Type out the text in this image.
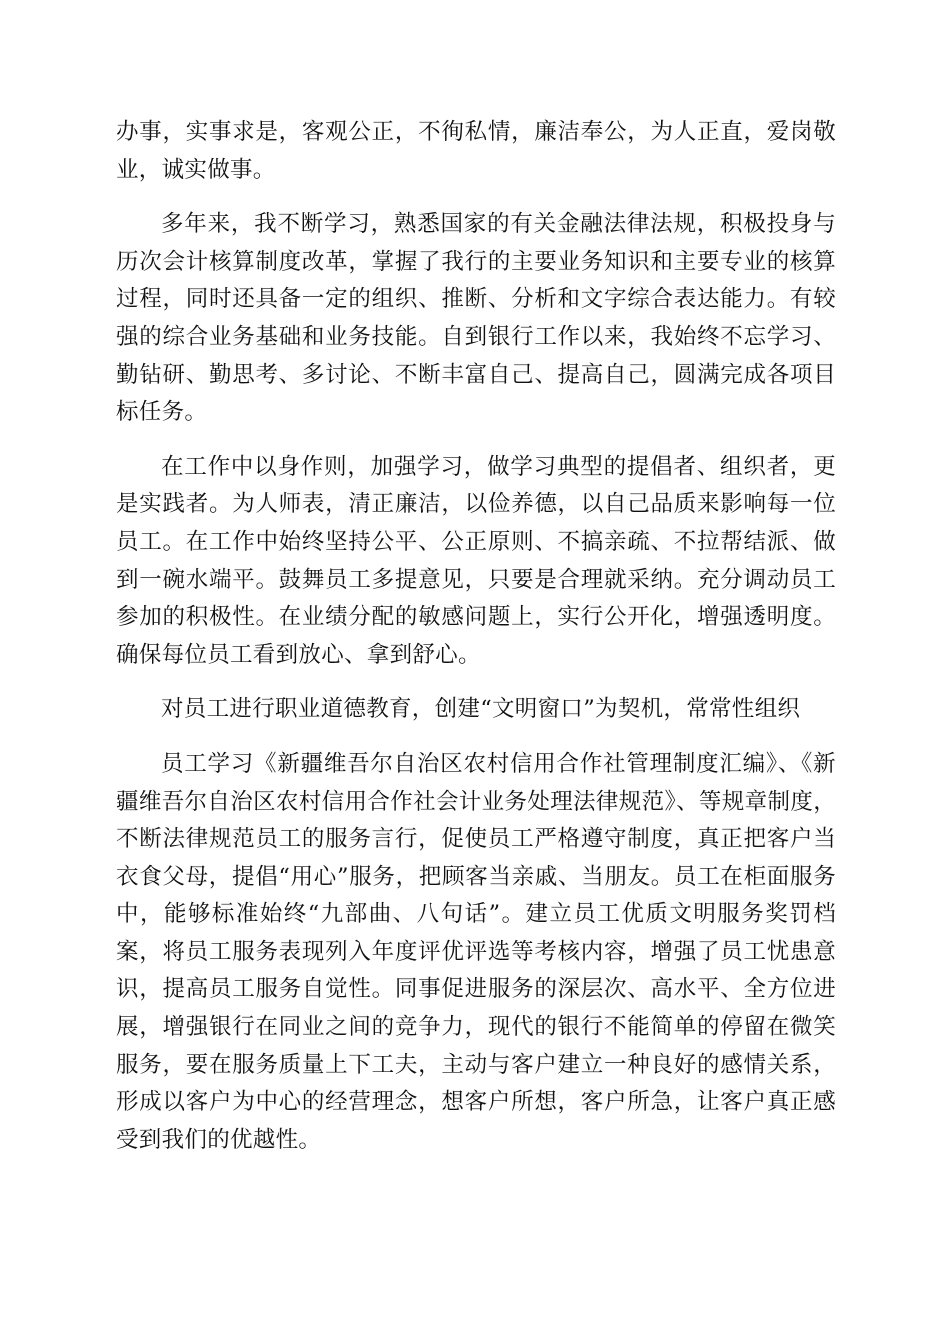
办事，实事求是，客观公正，不徇私情，廉洁奉公，为人正直，爱岗敬业，诚实做事。

多年来，我不断学习，熟悉国家的有关金融法律法规，积极投身与历次会计核算制度改革，掌握了我行的主要业务知识和主要专业的核算过程，同时还具备一定的组织、推断、分析和文字综合表达能力。有较强的综合业务基础和业务技能。自到银行工作以来，我始终不忘学习、勤钻研、勤思考、多讨论、不断丰富自己、提高自己，圆满完成各项目标任务。

在工作中以身作则，加强学习，做学习典型的提倡者、组织者，更是实践者。为人师表，清正廉洁，以俭养德，以自己品质来影响每一位员工。在工作中始终坚持公平、公正原则、不搞亲疏、不拉帮结派、做到一碗水端平。鼓舞员工多提意见，只要是合理就采纳。充分调动员工参加的积极性。在业绩分配的敏感问题上，实行公开化，增强透明度。确保每位员工看到放心、拿到舒心。

对员工进行职业道德教育，创建“文明窗口”为契机，常常性组织

员工学习《新疆维吾尔自治区农村信用合作社管理制度汇编》、《新疆维吾尔自治区农村信用合作社会计业务处理法律规范》、等规章制度，不断法律规范员工的服务言行，促使员工严格遵守制度，真正把客户当衣食父母，提倡“用心”服务，把顾客当亲戚、当朋友。员工在柜面服务中，能够标准始终“九部曲、八句话”。建立员工优质文明服务奖罚档案，将员工服务表现列入年度评优评选等考核内容，增强了员工忧患意识，提高员工服务自觉性。同事促进服务的深层次、高水平、全方位进展，增强银行在同业之间的竞争力，现代的银行不能简单的停留在微笑服务，要在服务质量上下工夫，主动与客户建立一种良好的感情关系，形成以客户为中心的经营理念，想客户所想，客户所急，让客户真正感受到我们的优越性。
